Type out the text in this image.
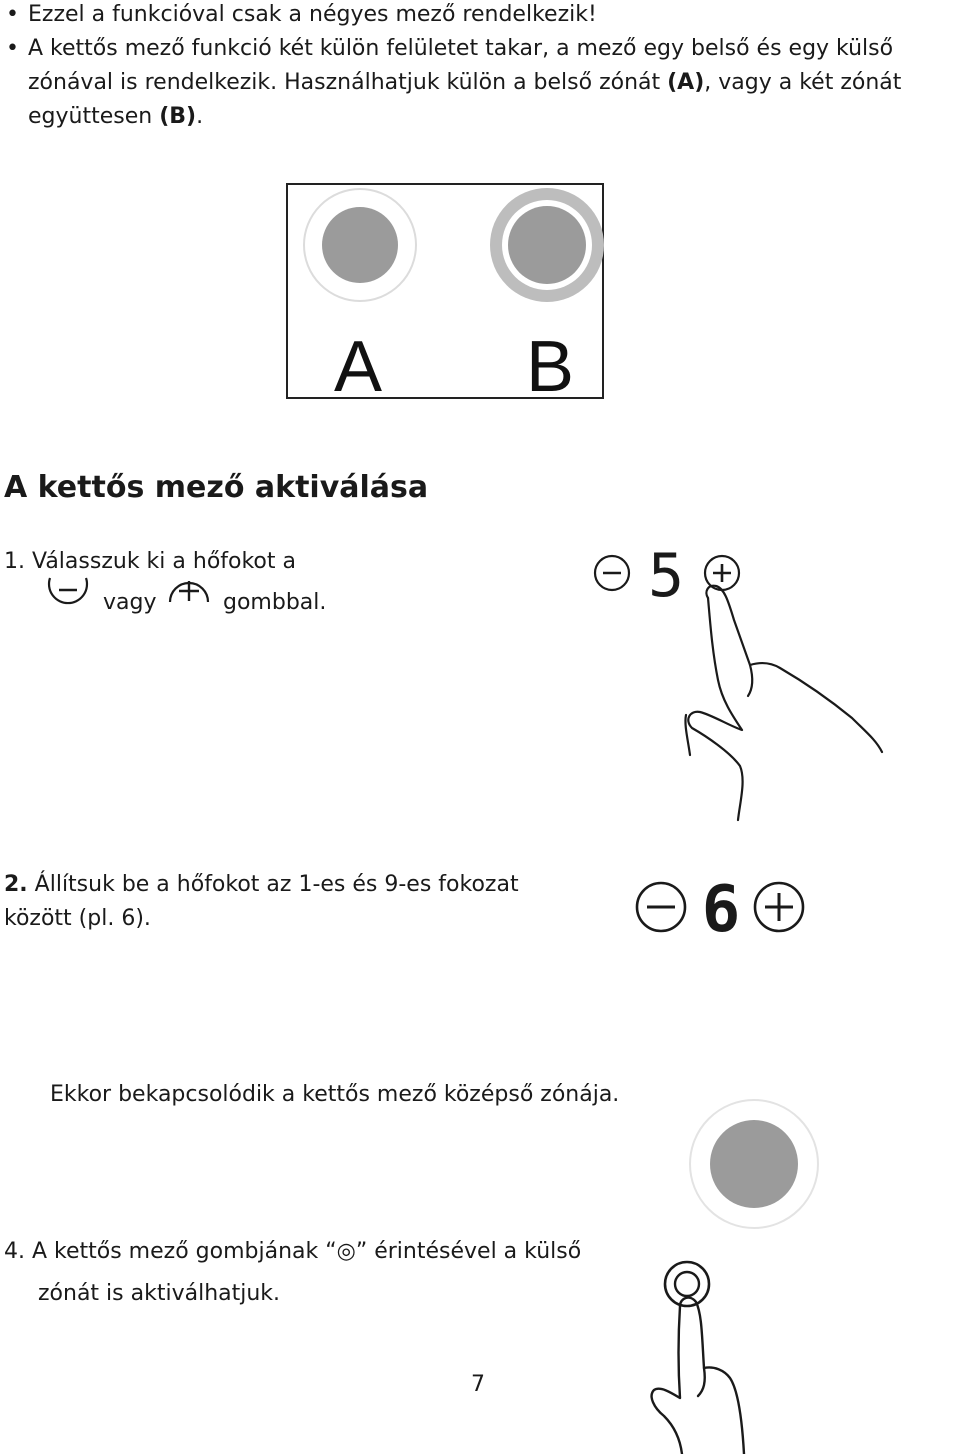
• Ezzel a funkcióval csak a négyes mező rendelkezik!
• A kettős mező funkció két külön felületet takar, a mező egy belső és egy külső zónával is rendelkezik. Használhatjuk külön a belső zónát (A), vagy a két zónát együttesen (B).
A B
A kettős mező aktiválása
1. Válasszuk ki a hőfokot a
vagy	gombbal.	5
2. Állítsuk be a hőfokot az 1-es és 9-es fokozat
között (pl. 6).	6
Ekkor bekapcsolódik a kettős mező középső zónája.
4. A kettős mező gombjának “◎” érintésével a külső
zónát is aktiválhatjuk.
7
